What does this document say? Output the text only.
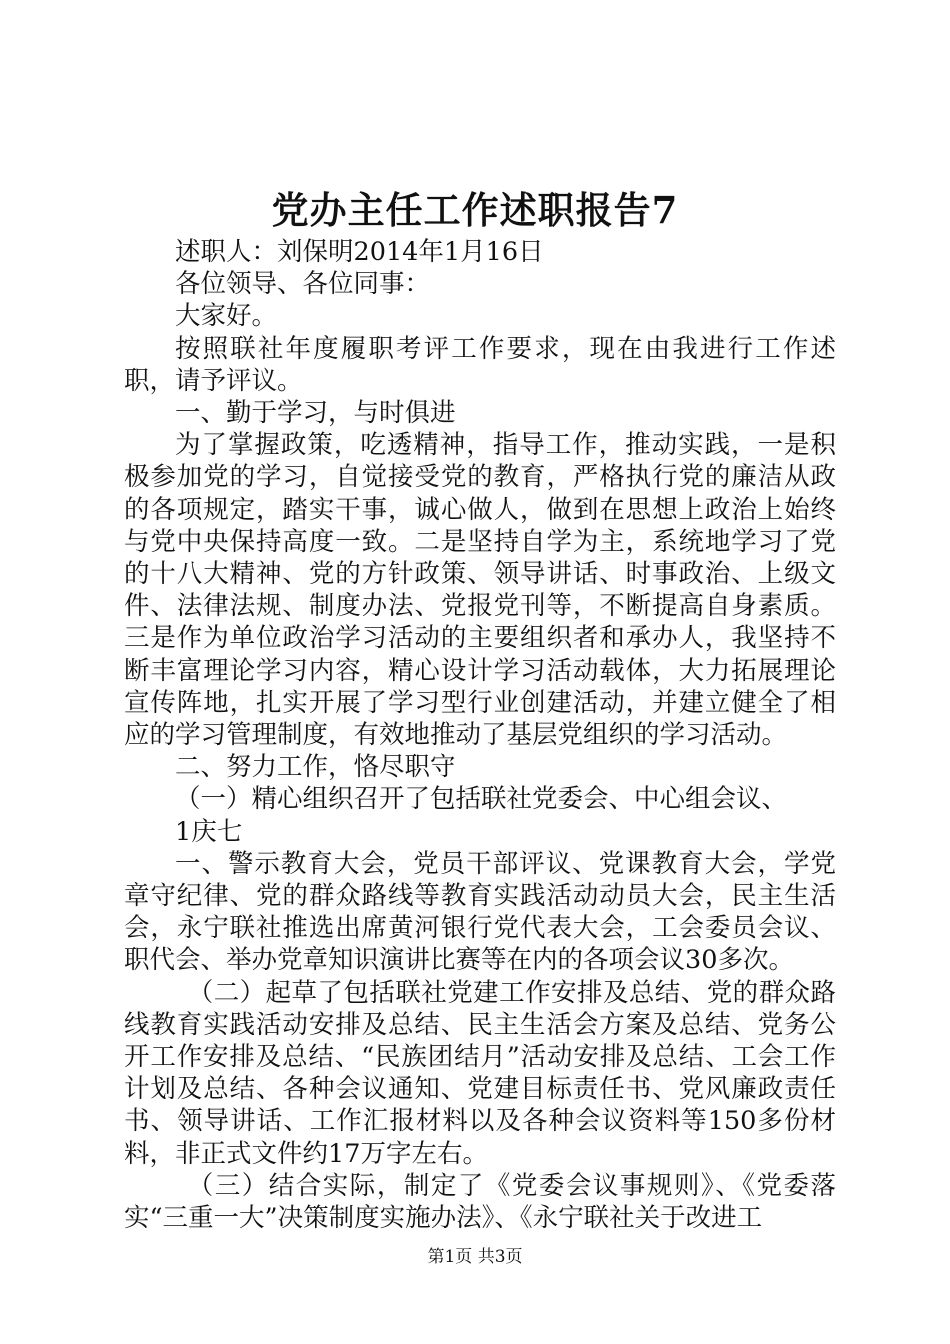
党办主任工作述职报告7

述职人：刘保明2014年1月16日

各位领导、各位同事：

大家好。

按照联社年度履职考评工作要求，现在由我进行工作述职，请予评议。

一、勤于学习，与时俱进

为了掌握政策，吃透精神，指导工作，推动实践，一是积极参加党的学习，自觉接受党的教育，严格执行党的廉洁从政的各项规定，踏实干事，诚心做人，做到在思想上政治上始终与党中央保持高度一致。二是坚持自学为主，系统地学习了党的十八大精神、党的方针政策、领导讲话、时事政治、上级文件、法律法规、制度办法、党报党刊等，不断提高自身素质。三是作为单位政治学习活动的主要组织者和承办人，我坚持不断丰富理论学习内容，精心设计学习活动载体，大力拓展理论宣传阵地，扎实开展了学习型行业创建活动，并建立健全了相应的学习管理制度，有效地推动了基层党组织的学习活动。

二、努力工作，恪尽职守

（一）精心组织召开了包括联社党委会、中心组会议、

1庆七

一、警示教育大会，党员干部评议、党课教育大会，学党章守纪律、党的群众路线等教育实践活动动员大会，民主生活会，永宁联社推选出席黄河银行党代表大会，工会委员会议、职代会、举办党章知识演讲比赛等在内的各项会议30多次。

（二）起草了包括联社党建工作安排及总结、党的群众路线教育实践活动安排及总结、民主生活会方案及总结、党务公开工作安排及总结、“民族团结月”活动安排及总结、工会工作计划及总结、各种会议通知、党建目标责任书、党风廉政责任书、领导讲话、工作汇报材料以及各种会议资料等150多份材料，非正式文件约17万字左右。

（三）结合实际，制定了《党委会议事规则》、《党委落实“三重一大”决策制度实施办法》、《永宁联社关于改进工

第1页 共3页
